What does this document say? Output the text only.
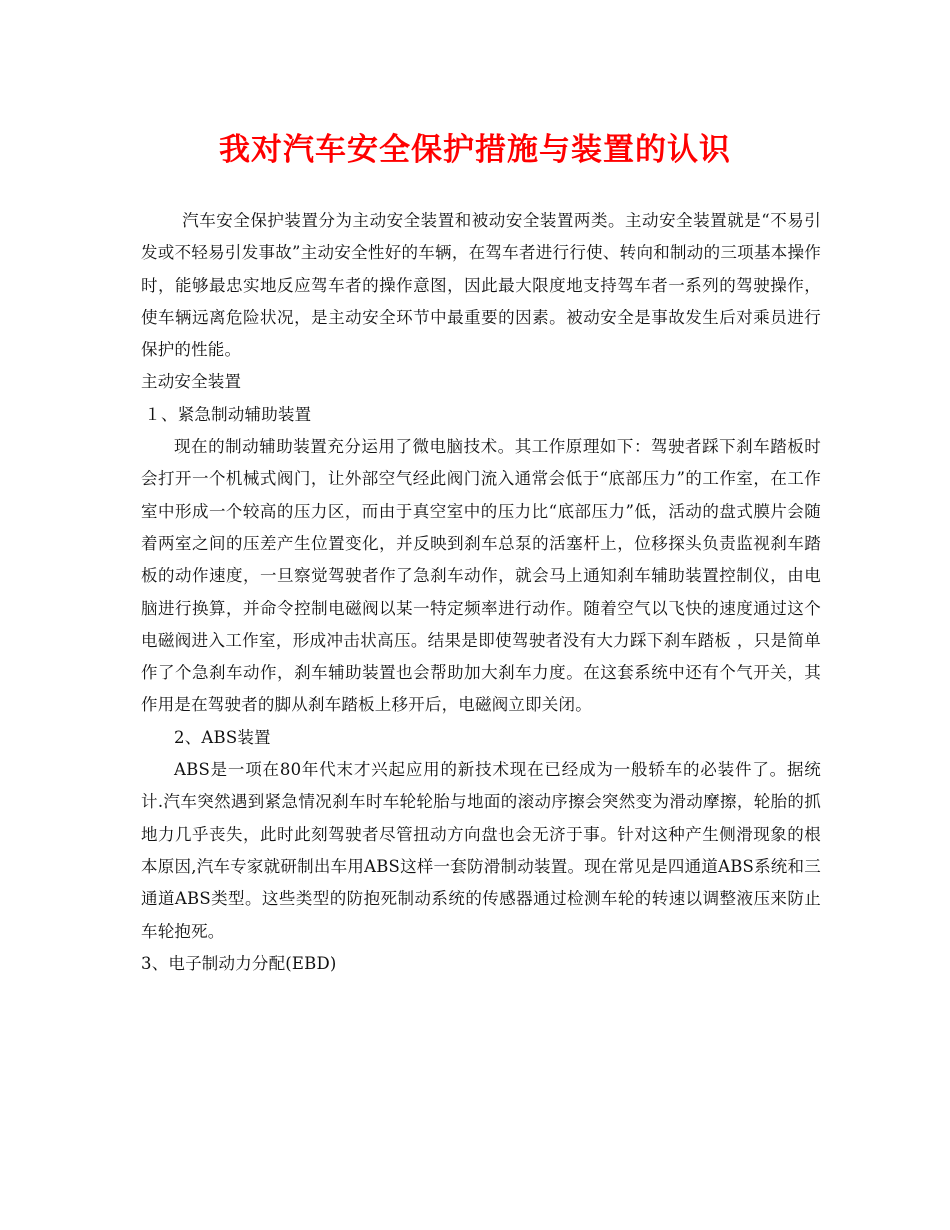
我对汽车安全保护措施与装置的认识

汽车安全保护装置分为主动安全装置和被动安全装置两类。主动安全装置就是“不易引发或不轻易引发事故”主动安全性好的车辆，在驾车者进行行使、转向和制动的三项基本操作时，能够最忠实地反应驾车者的操作意图，因此最大限度地支持驾车者一系列的驾驶操作，使车辆远离危险状况，是主动安全环节中最重要的因素。被动安全是事故发生后对乘员进行保护的性能。

主动安全装置

１、紧急制动辅助装置

现在的制动辅助装置充分运用了微电脑技术。其工作原理如下：驾驶者踩下刹车踏板时会打开一个机械式阀门，让外部空气经此阀门流入通常会低于“底部压力”的工作室，在工作室中形成一个较高的压力区，而由于真空室中的压力比“底部压力”低，活动的盘式膜片会随着两室之间的压差产生位置变化，并反映到刹车总泵的活塞杆上，位移探头负责监视刹车踏板的动作速度，一旦察觉驾驶者作了急刹车动作，就会马上通知刹车辅助装置控制仪，由电脑进行换算，并命令控制电磁阀以某一特定频率进行动作。随着空气以飞快的速度通过这个电磁阀进入工作室，形成冲击状高压。结果是即使驾驶者没有大力踩下刹车踏板 ，只是简单作了个急刹车动作，刹车辅助装置也会帮助加大刹车力度。在这套系统中还有个气开关，其作用是在驾驶者的脚从刹车踏板上移开后，电磁阀立即关闭。

2、ABS装置

ABS是一项在80年代末才兴起应用的新技术现在已经成为一般轿车的必装件了。据统计.汽车突然遇到紧急情况刹车时车轮轮胎与地面的滚动序擦会突然变为滑动摩擦，轮胎的抓地力几乎丧失，此时此刻驾驶者尽管扭动方向盘也会无济于事。针对这种产生侧滑现象的根本原因,汽车专家就研制出车用ABS这样一套防滑制动装置。现在常见是四通道ABS系统和三通道ABS类型。这些类型的防抱死制动系统的传感器通过检测车轮的转速以调整液压来防止车轮抱死。

3、电子制动力分配(EBD)
